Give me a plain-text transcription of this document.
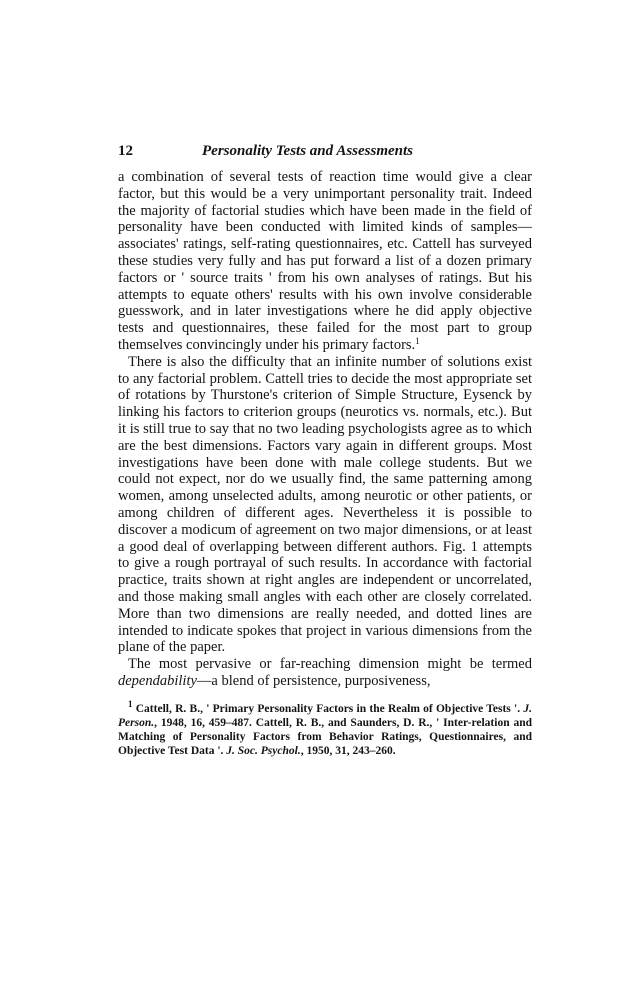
12	Personality Tests and Assessments

a combination of several tests of reaction time would give a clear factor, but this would be a very unimportant personality trait. Indeed the majority of factorial studies which have been made in the field of personality have been conducted with limited kinds of samples—associates' ratings, self-rating questionnaires, etc. Cattell has surveyed these studies very fully and has put forward a list of a dozen primary factors or ' source traits ' from his own analyses of ratings. But his attempts to equate others' results with his own involve considerable guesswork, and in later investigations where he did apply objective tests and questionnaires, these failed for the most part to group themselves convincingly under his primary factors.$^1$

There is also the difficulty that an infinite number of solutions exist to any factorial problem. Cattell tries to decide the most appropriate set of rotations by Thurstone's criterion of Simple Structure, Eysenck by linking his factors to criterion groups (neurotics vs. normals, etc.). But it is still true to say that no two leading psychologists agree as to which are the best dimensions. Factors vary again in different groups. Most investigations have been done with male college students. But we could not expect, nor do we usually find, the same patterning among women, among unselected adults, among neurotic or other patients, or among children of different ages. Nevertheless it is possible to discover a modicum of agreement on two major dimensions, or at least a good deal of overlapping between different authors. Fig. 1 attempts to give a rough portrayal of such results. In accordance with factorial practice, traits shown at right angles are independent or uncorrelated, and those making small angles with each other are closely correlated. More than two dimensions are really needed, and dotted lines are intended to indicate spokes that project in various dimensions from the plane of the paper.

The most pervasive or far-reaching dimension might be termed dependability—a blend of persistence, purposiveness,

$^1$ Cattell, R. B., ' Primary Personality Factors in the Realm of Objective Tests '. J. Person., 1948, 16, 459–487. Cattell, R. B., and Saunders, D. R., ' Inter-relation and Matching of Personality Factors from Behavior Ratings, Questionnaires, and Objective Test Data '. J. Soc. Psychol., 1950, 31, 243–260.
